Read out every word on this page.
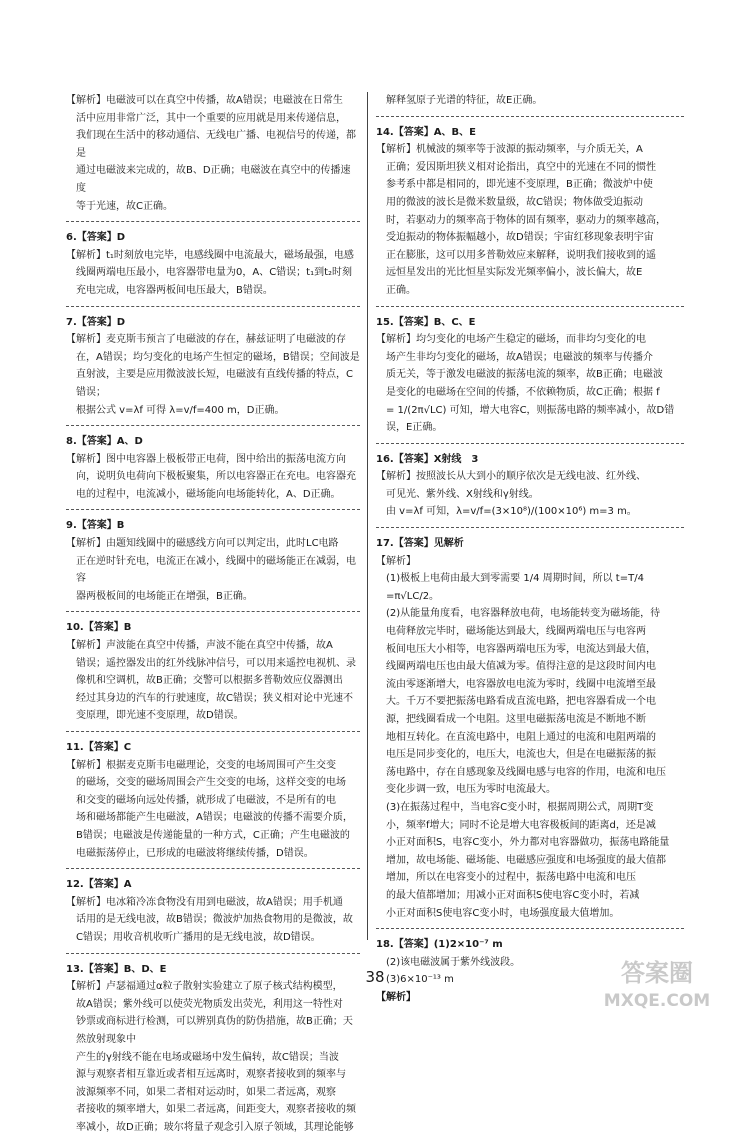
【解析】电磁波可以在真空中传播，故A错误；电磁波在日常生

活中应用非常广泛，其中一个重要的应用就是用来传递信息，

我们现在生活中的移动通信、无线电广播、电视信号的传递，都是

通过电磁波来完成的，故B、D正确；电磁波在真空中的传播速度

等于光速，故C正确。

6.【答案】D

【解析】t₁时刻放电完毕，电感线圈中电流最大，磁场最强，电感

线圈两端电压最小，电容器带电量为0，A、C错误；t₁到t₂时刻

充电完成，电容器两板间电压最大，B错误。

7.【答案】D

【解析】麦克斯韦预言了电磁波的存在，赫兹证明了电磁波的存

在，A错误；均匀变化的电场产生恒定的磁场，B错误；空间波是

直射波，主要是应用微波波长短，电磁波有直线传播的特点，C错误；

根据公式 v=λf 可得 λ=v/f=400 m，D正确。

8.【答案】A、D

【解析】图中电容器上极板带正电荷，图中给出的振荡电流方向

向，说明负电荷向下极板聚集，所以电容器正在充电。电容器充

电的过程中，电流减小，磁场能向电场能转化，A、D正确。

9.【答案】B

【解析】由题知线圈中的磁感线方向可以判定出，此时LC电路

正在逆时针充电，电流正在减小，线圈中的磁场能正在减弱，电容

器两极板间的电场能正在增强，B正确。

10.【答案】B

【解析】声波能在真空中传播，声波不能在真空中传播，故A

错误；遥控器发出的红外线脉冲信号，可以用来遥控电视机、录

像机和空调机，故B正确；交警可以根据多普勒效应仪器测出

经过其身边的汽车的行驶速度，故C错误；狭义相对论中光速不

变原理，即光速不变原理，故D错误。

11.【答案】C

【解析】根据麦克斯韦电磁理论，交变的电场周围可产生交变

的磁场，交变的磁场周围会产生交变的电场，这样交变的电场

和交变的磁场向远处传播，就形成了电磁波，不是所有的电

场和磁场都能产生电磁波，A错误；电磁波的传播不需要介质，

B错误；电磁波是传递能量的一种方式，C正确；产生电磁波的

电磁振荡停止，已形成的电磁波将继续传播，D错误。

12.【答案】A

【解析】电冰箱冷冻食物没有用到电磁波，故A错误；用手机通

话用的是无线电波，故B错误；微波炉加热食物用的是微波，故

C错误；用收音机收听广播用的是无线电波，故D错误。

13.【答案】B、D、E

【解析】卢瑟福通过α粒子散射实验建立了原子核式结构模型，

故A错误；紫外线可以使荧光物质发出荧光，利用这一特性对

钞票或商标进行检测，可以辨别真伪的防伪措施，故B正确；天然放射现象中

产生的γ射线不能在电场或磁场中发生偏转，故C错误；当波

源与观察者相互靠近或者相互远离时，观察者接收到的频率与

波源频率不同，如果二者相对运动时，如果二者远离，观察

者接收的频率增大，如果二者远离，间距变大，观察者接收的频

率减小，故D正确；玻尔将量子观念引入原子领域，其理论能够

解释氢原子光谱的特征，故E正确。

14.【答案】A、B、E

【解析】机械波的频率等于波源的振动频率，与介质无关，A

正确；爱因斯坦狭义相对论指出，真空中的光速在不同的惯性

参考系中都是相同的，即光速不变原理，B正确；微波炉中使

用的微波的波长是微米数量级，故C错误；物体做受迫振动

时，若驱动力的频率高于物体的固有频率，驱动力的频率越高，

受迫振动的物体振幅越小，故D错误；宇宙红移现象表明宇宙

正在膨胀，这可以用多普勒效应来解释，说明我们接收到的遥

远恒星发出的光比恒星实际发光频率偏小，波长偏大，故E

正确。

15.【答案】B、C、E

【解析】均匀变化的电场产生稳定的磁场，而非均匀变化的电

场产生非均匀变化的磁场，故A错误；电磁波的频率与传播介

质无关，等于激发电磁波的振荡电流的频率，故B正确；电磁波

是变化的电磁场在空间的传播，不依赖物质，故C正确；根据 f

= 1/(2π√LC) 可知，增大电容C，则振荡电路的频率减小，故D错

误，E正确。

16.【答案】X射线　3

【解析】按照波长从大到小的顺序依次是无线电波、红外线、

可见光、紫外线、X射线和γ射线。

由 v=λf 可知，λ=v/f=(3×10⁸)/(100×10⁶) m=3 m。

17.【答案】见解析

【解析】

(1)极板上电荷由最大到零需要 1/4 周期时间，所以 t=T/4

=π√LC/2。

(2)从能量角度看，电容器释放电荷，电场能转变为磁场能，待

电荷释放完毕时，磁场能达到最大，线圈两端电压与电容两

板间电压大小相等，电容器两端电压为零，电流达到最大值，

线圈两端电压也由最大值减为零。值得注意的是这段时间内电

流由零逐渐增大，电容器放电电流为零时，线圈中电流增至最

大。千万不要把振荡电路看成直流电路，把电容器看成一个电

源，把线圈看成一个电阻。这里电磁振荡电流是不断地不断

地相互转化。在直流电路中，电阻上通过的电流和电阻两端的

电压是同步变化的，电压大，电流也大，但是在电磁振荡的振

荡电路中，存在自感现象及线圈电感与电容的作用，电流和电压

变化步调一致，电压为零时电流最大。

(3)在振荡过程中，当电容C变小时，根据周期公式，周期T变

小，频率f增大；同时不论是增大电容极板间的距离d，还是减

小正对面积S，电容C变小，外力都对电容器做功，振荡电路能量

增加，故电场能、磁场能、电磁感应强度和电场强度的最大值都

增加，所以在电容变小的过程中，振荡电路中电流和电压

的最大值都增加；用减小正对面积S使电容C变小时，若减

小正对面积S使电容C变小时，电场强度最大值增加。

18.【答案】(1)2×10⁻⁷ m

(2)该电磁波属于紫外线波段。

(3)6×10⁻¹³ m

【解析】

38	答案圈
MXQE.COM
